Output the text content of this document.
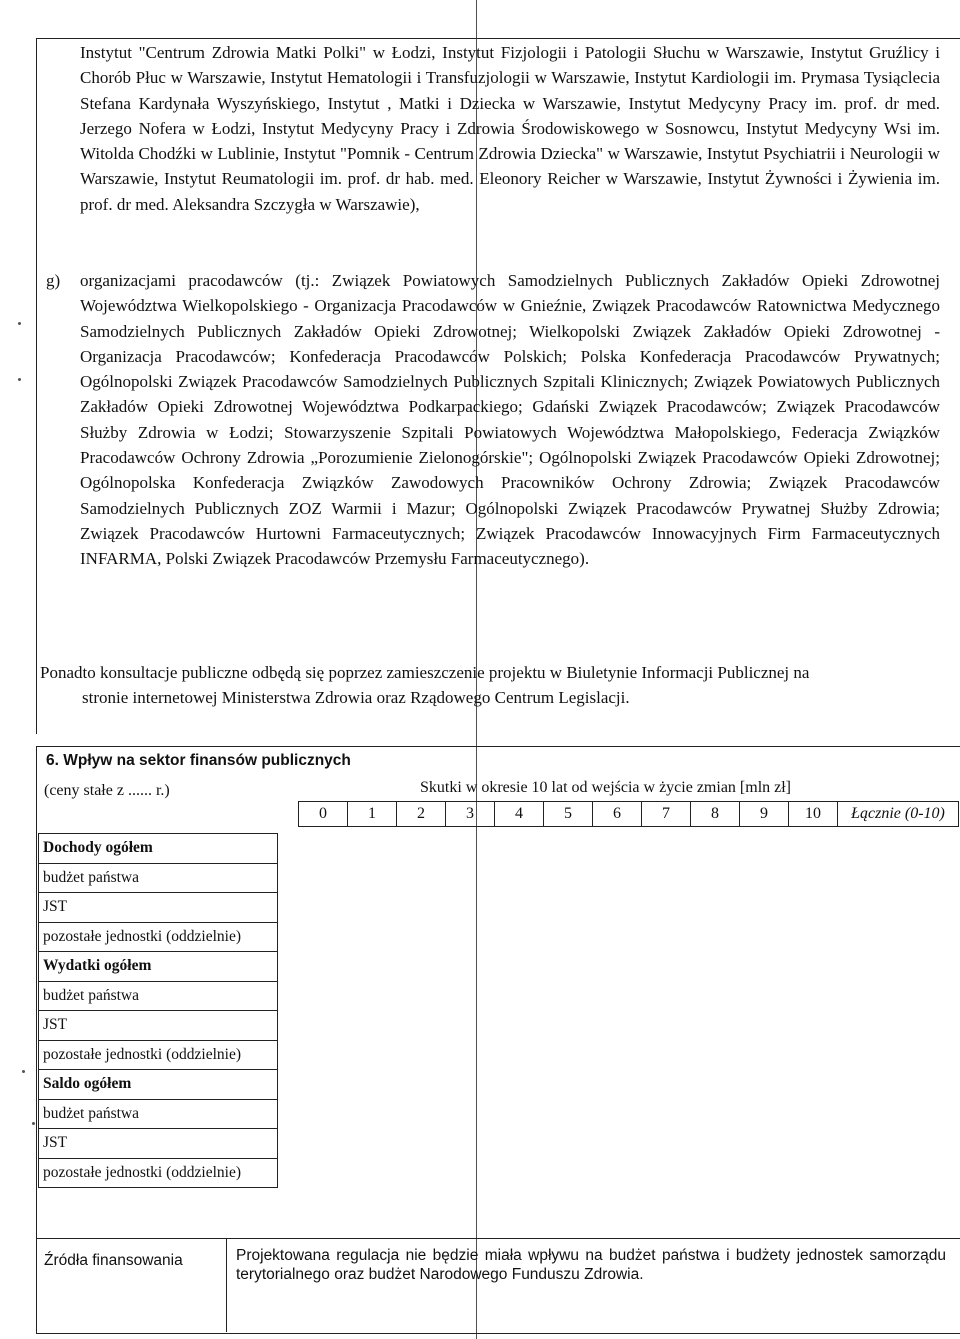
Instytut "Centrum Zdrowia Matki Polki" w Łodzi, Instytut Fizjologii i Patologii Słuchu w Warszawie, Instytut Gruźlicy i Chorób Płuc w Warszawie, Instytut Hematologii i Transfuzjologii w Warszawie, Instytut Kardiologii im. Prymasa Tysiąclecia Stefana Kardynała Wyszyńskiego, Instytut , Matki i Dziecka w Warszawie, Instytut Medycyny Pracy im. prof. dr med. Jerzego Nofera w Łodzi, Instytut Medycyny Pracy i Zdrowia Środowiskowego w Sosnowcu, Instytut Medycyny Wsi im. Witolda Chodźki w Lublinie, Instytut "Pomnik - Centrum Zdrowia Dziecka" w Warszawie, Instytut Psychiatrii i Neurologii w Warszawie, Instytut Reumatologii im. prof. dr hab. med. Eleonory Reicher w Warszawie, Instytut Żywności i Żywienia im. prof. dr med. Aleksandra Szczygła w Warszawie),
g) organizacjami pracodawców (tj.: Związek Powiatowych Samodzielnych Publicznych Zakładów Opieki Zdrowotnej Województwa Wielkopolskiego - Organizacja Pracodawców w Gnieźnie, Związek Pracodawców Ratownictwa Medycznego Samodzielnych Publicznych Zakładów Opieki Zdrowotnej; Wielkopolski Związek Zakładów Opieki Zdrowotnej - Organizacja Pracodawców; Konfederacja Pracodawców Polskich; Polska Konfederacja Pracodawców Prywatnych; Ogólnopolski Związek Pracodawców Samodzielnych Publicznych Szpitali Klinicznych; Związek Powiatowych Publicznych Zakładów Opieki Zdrowotnej Województwa Podkarpackiego; Gdański Związek Pracodawców; Związek Pracodawców Służby Zdrowia w Łodzi; Stowarzyszenie Szpitali Powiatowych Województwa Małopolskiego, Federacja Związków Pracodawców Ochrony Zdrowia „Porozumienie Zielonogórskie"; Ogólnopolski Związek Pracodawców Opieki Zdrowotnej; Ogólnopolska Konfederacja Związków Zawodowych Pracowników Ochrony Zdrowia; Związek Pracodawców Samodzielnych Publicznych ZOZ Warmii i Mazur; Ogólnopolski Związek Pracodawców Prywatnej Służby Zdrowia; Związek Pracodawców Hurtowni Farmaceutycznych; Związek Pracodawców Innowacyjnych Firm Farmaceutycznych INFARMA, Polski Związek Pracodawców Przemysłu Farmaceutycznego).
Ponadto konsultacje publiczne odbędą się poprzez zamieszczenie projektu w Biuletynie Informacji Publicznej na
stronie internetowej Ministerstwa Zdrowia oraz Rządowego Centrum Legislacji.
6. Wpływ na sektor finansów publicznych
(ceny stałe z ...... r.)	Skutki w okresie 10 lat od wejścia w życie zmian [mln zł]
0	1	2	3	4	5	6	7	8	9	10	Łącznie (0-10)
Dochody ogółem
budżet państwa
JST
pozostałe jednostki (oddzielnie)
Wydatki ogółem
budżet państwa
JST
pozostałe jednostki (oddzielnie)
Saldo ogółem
budżet państwa
JST
pozostałe jednostki (oddzielnie)
Źródła finansowania	Projektowana regulacja nie będzie miała wpływu na budżet państwa i budżety jednostek samorządu terytorialnego oraz budżet Narodowego Funduszu Zdrowia.
